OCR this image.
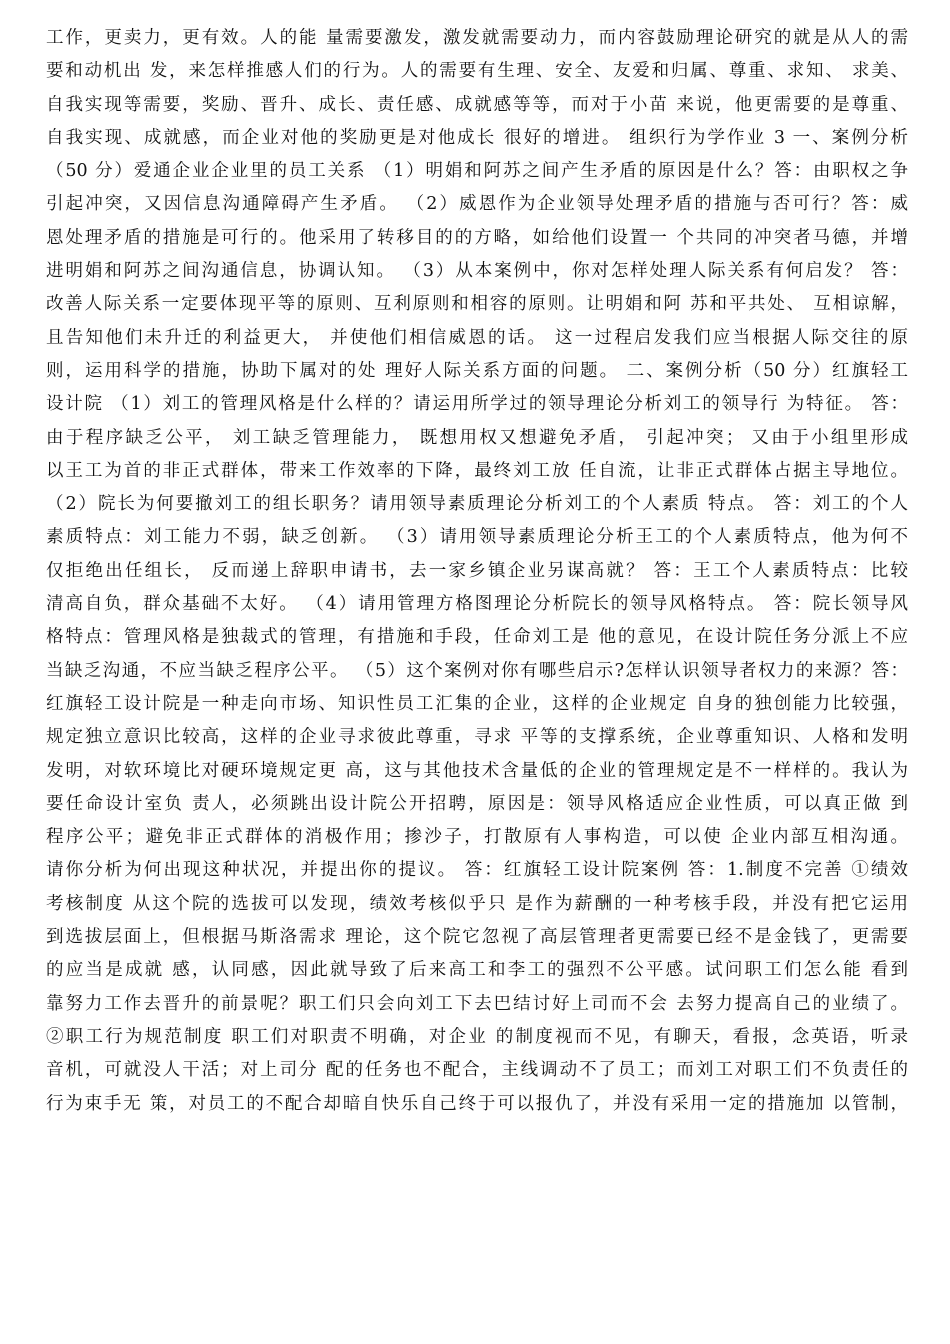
工作，更卖力，更有效。人的能 量需要激发，激发就需要动力，而内容鼓励理论研究的就是从人的需
要和动机出 发，来怎样推感人们的行为。人的需要有生理、安全、友爱和归属、尊重、求知、 求美、
自我实现等需要，奖励、晋升、成长、责任感、成就感等等，而对于小苗 来说，他更需要的是尊重、
自我实现、成就感，而企业对他的奖励更是对他成长 很好的增进。 组织行为学作业 3 一、案例分析
（50 分）爱通企业企业里的员工关系 （1）明娟和阿苏之间产生矛盾的原因是什么？答：由职权之争
引起冲突，又因信息沟通障碍产生矛盾。 （2）威恩作为企业领导处理矛盾的措施与否可行？答：威
恩处理矛盾的措施是可行的。他采用了转移目的的方略，如给他们设置一 个共同的冲突者马德，并增
进明娟和阿苏之间沟通信息，协调认知。 （3）从本案例中，你对怎样处理人际关系有何启发？ 答：
改善人际关系一定要体现平等的原则、互利原则和相容的原则。让明娟和阿 苏和平共处、 互相谅解，
且告知他们未升迁的利益更大， 并使他们相信威恩的话。 这一过程启发我们应当根据人际交往的原
则，运用科学的措施，协助下属对的处 理好人际关系方面的问题。 二、案例分析（50 分）红旗轻工
设计院 （1）刘工的管理风格是什么样的？请运用所学过的领导理论分析刘工的领导行 为特征。 答：
由于程序缺乏公平， 刘工缺乏管理能力， 既想用权又想避免矛盾， 引起冲突； 又由于小组里形成
以王工为首的非正式群体，带来工作效率的下降，最终刘工放 任自流，让非正式群体占据主导地位。
（2）院长为何要撤刘工的组长职务？请用领导素质理论分析刘工的个人素质 特点。 答：刘工的个人
素质特点：刘工能力不弱，缺乏创新。 （3）请用领导素质理论分析王工的个人素质特点，他为何不
仅拒绝出任组长， 反而递上辞职申请书，去一家乡镇企业另谋高就？ 答：王工个人素质特点：比较
清高自负，群众基础不太好。 （4）请用管理方格图理论分析院长的领导风格特点。 答：院长领导风
格特点：管理风格是独裁式的管理，有措施和手段，任命刘工是 他的意见，在设计院任务分派上不应
当缺乏沟通，不应当缺乏程序公平。 （5）这个案例对你有哪些启示?怎样认识领导者权力的来源？答：
红旗轻工设计院是一种走向市场、知识性员工汇集的企业，这样的企业规定 自身的独创能力比较强，
规定独立意识比较高，这样的企业寻求彼此尊重，寻求 平等的支撑系统，企业尊重知识、人格和发明
发明，对软环境比对硬环境规定更 高，这与其他技术含量低的企业的管理规定是不一样样的。我认为
要任命设计室负 责人，必须跳出设计院公开招聘，原因是：领导风格适应企业性质，可以真正做 到
程序公平；避免非正式群体的消极作用；掺沙子，打散原有人事构造，可以使 企业内部互相沟通。
请你分析为何出现这种状况，并提出你的提议。 答：红旗轻工设计院案例 答：1.制度不完善 ①绩效
考核制度 从这个院的选拔可以发现，绩效考核似乎只 是作为薪酬的一种考核手段，并没有把它运用
到选拔层面上，但根据马斯洛需求 理论，这个院它忽视了高层管理者更需要已经不是金钱了，更需要
的应当是成就 感，认同感，因此就导致了后来高工和李工的强烈不公平感。试问职工们怎么能 看到
靠努力工作去晋升的前景呢？职工们只会向刘工下去巴结讨好上司而不会 去努力提高自己的业绩了。
②职工行为规范制度 职工们对职责不明确，对企业 的制度视而不见，有聊天，看报，念英语，听录
音机，可就没人干活；对上司分 配的任务也不配合，主线调动不了员工；而刘工对职工们不负责任的
行为束手无 策，对员工的不配合却暗自快乐自己终于可以报仇了，并没有采用一定的措施加 以管制，
